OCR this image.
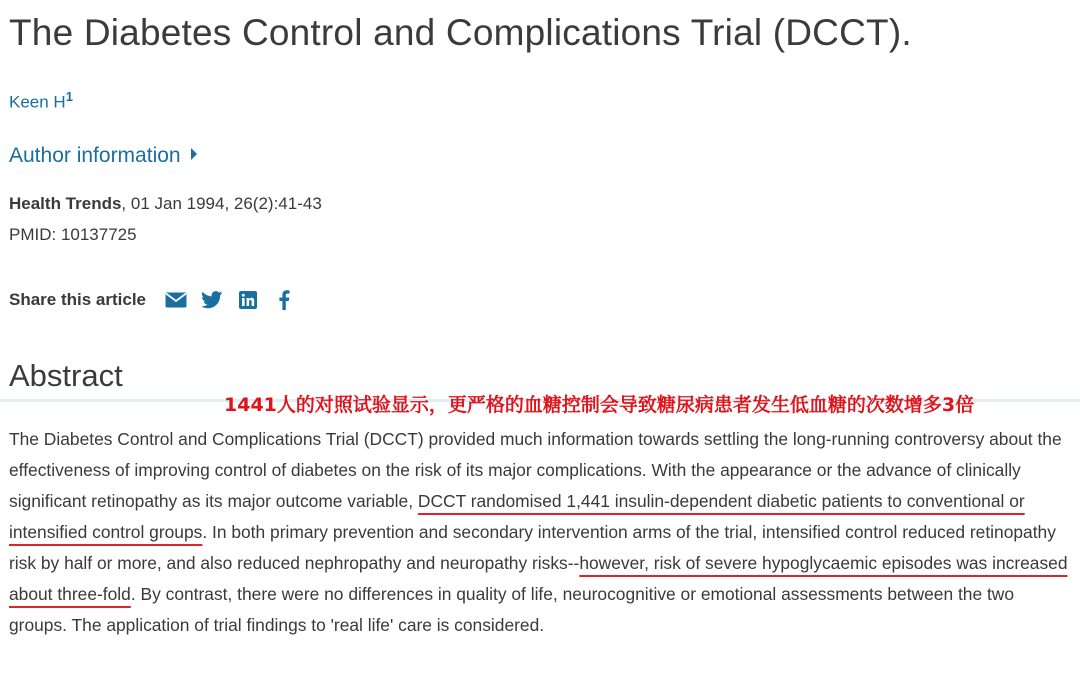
The Diabetes Control and Complications Trial (DCCT).
Keen $H^1$
Author information
Health Trends, 01 Jan 1994, 26(2):41-43
PMID: 10137725
Share this article
Abstract
1441人的对照试验显示，更严格的血糖控制会导致糖尿病患者发生低血糖的次数增多3倍
The Diabetes Control and Complications Trial (DCCT) provided much information towards settling the long-running controversy about the effectiveness of improving control of diabetes on the risk of its major complications. With the appearance or the advance of clinically significant retinopathy as its major outcome variable, DCCT randomised 1,441 insulin-dependent diabetic patients to conventional or intensified control groups. In both primary prevention and secondary intervention arms of the trial, intensified control reduced retinopathy risk by half or more, and also reduced nephropathy and neuropathy risks--however, risk of severe hypoglycaemic episodes was increased about three-fold. By contrast, there were no differences in quality of life, neurocognitive or emotional assessments between the two groups. The application of trial findings to 'real life' care is considered.
